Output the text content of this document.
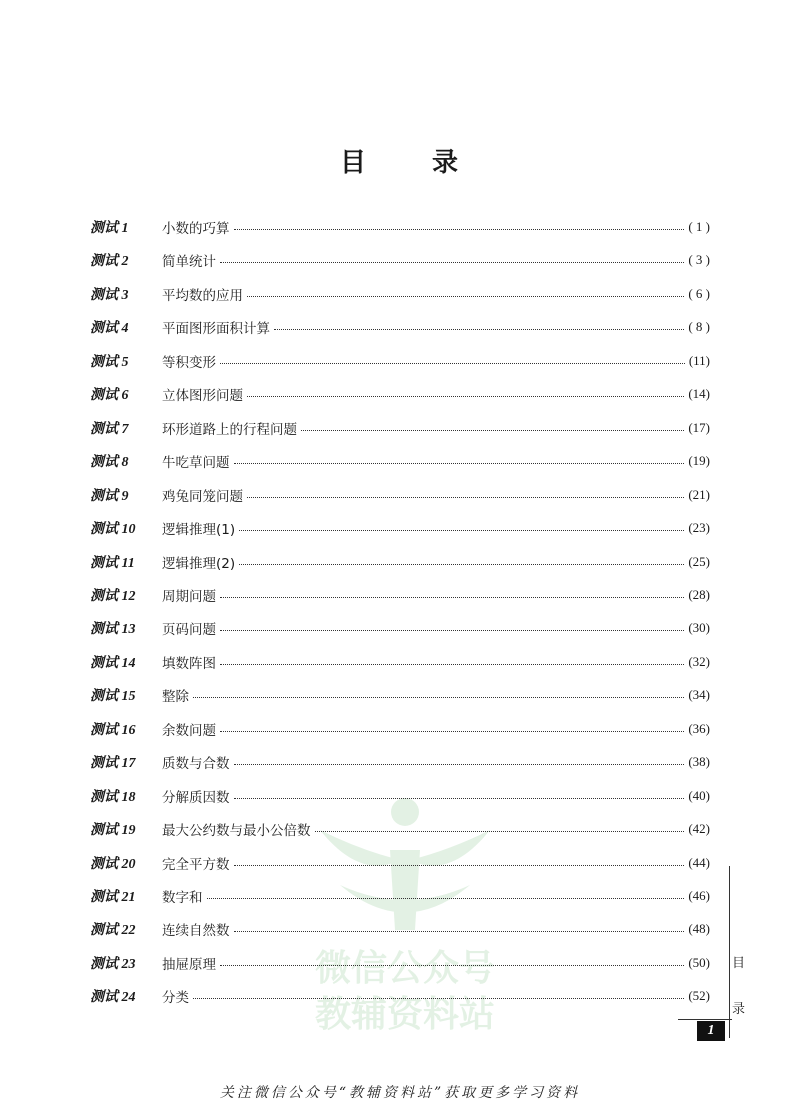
目 录
微信公众号
教辅资料站
测试 1	小数的巧算	( 1 )
测试 2	简单统计	( 3 )
测试 3	平均数的应用	( 6 )
测试 4	平面图形面积计算	( 8 )
测试 5	等积变形	(11)
测试 6	立体图形问题	(14)
测试 7	环形道路上的行程问题	(17)
测试 8	牛吃草问题	(19)
测试 9	鸡兔同笼问题	(21)
测试 10	逻辑推理(1)	(23)
测试 11	逻辑推理(2)	(25)
测试 12	周期问题	(28)
测试 13	页码问题	(30)
测试 14	填数阵图	(32)
测试 15	整除	(34)
测试 16	余数问题	(36)
测试 17	质数与合数	(38)
测试 18	分解质因数	(40)
测试 19	最大公约数与最小公倍数	(42)
测试 20	完全平方数	(44)
测试 21	数字和	(46)
测试 22	连续自然数	(48)
测试 23	抽屉原理	(50)
测试 24	分类	(52)
目
录
1
关注微信公众号“教辅资料站”获取更多学习资料
